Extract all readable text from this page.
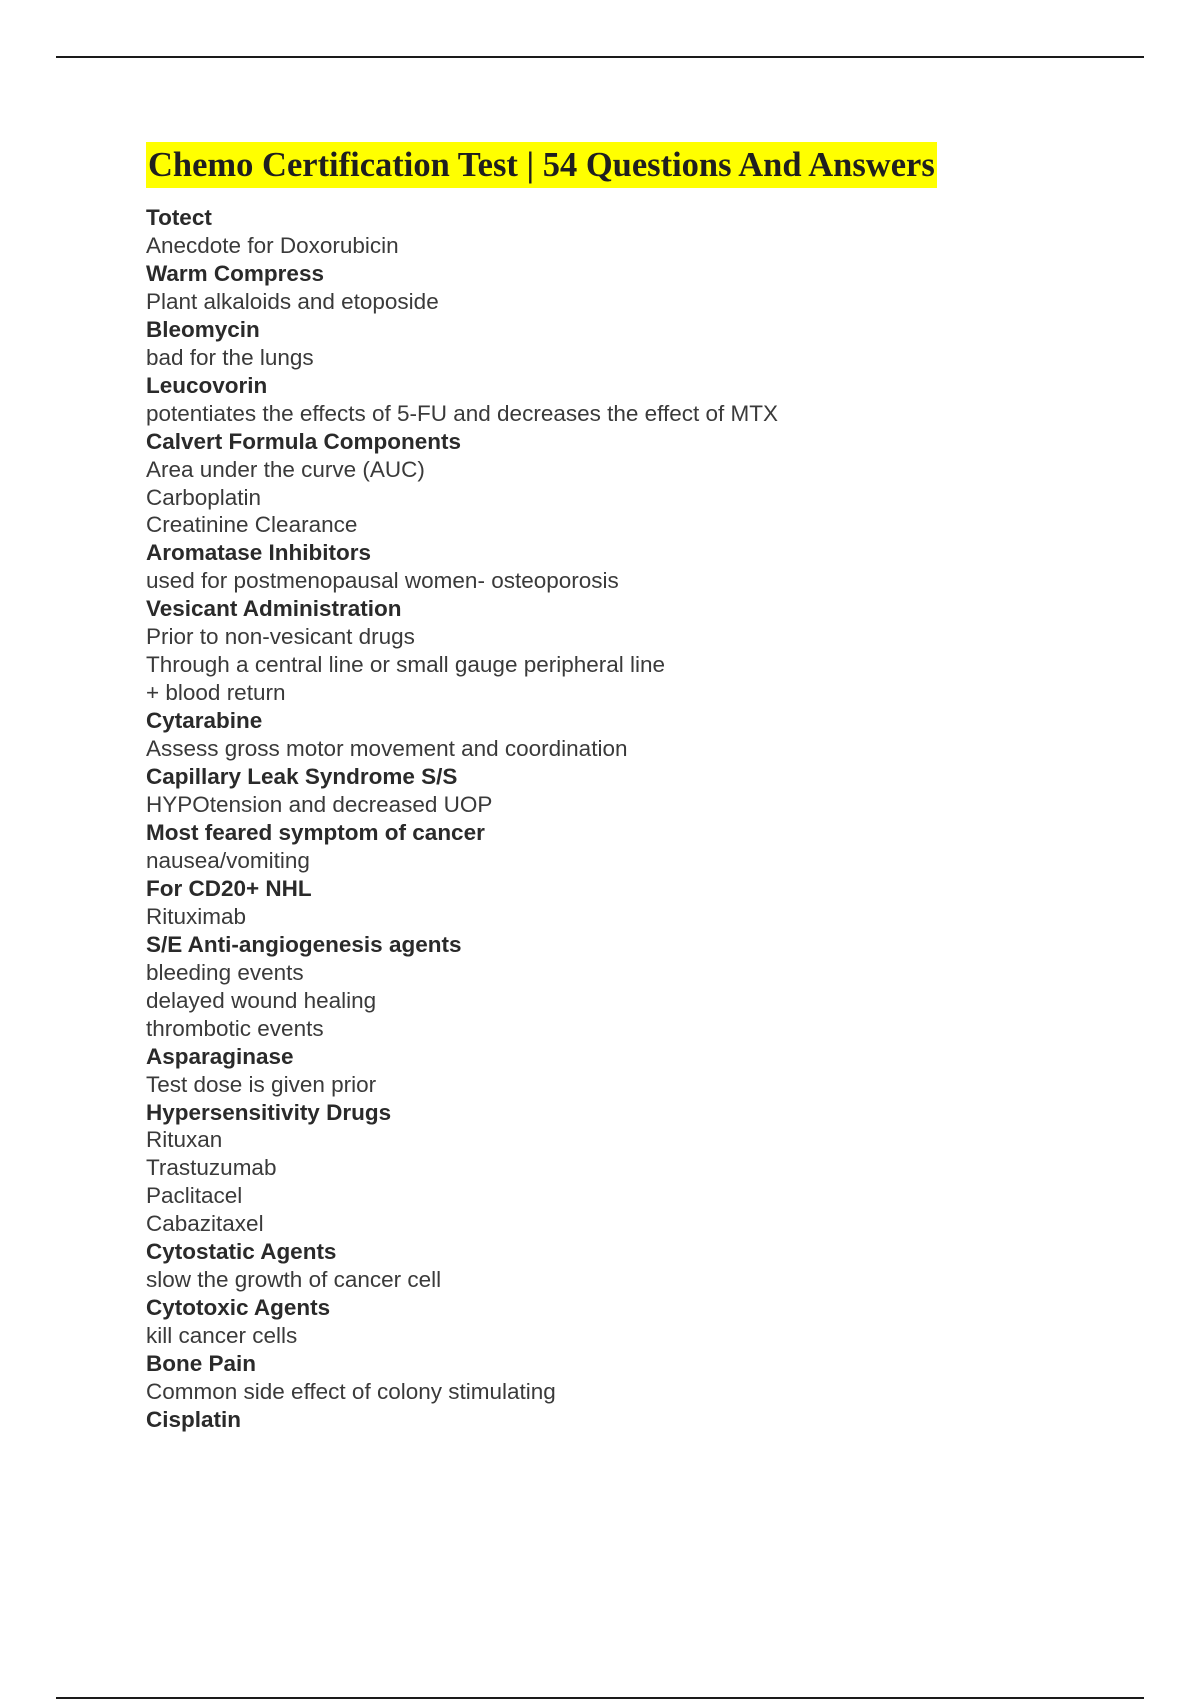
Chemo Certification Test | 54 Questions And Answers
Totect
Anecdote for Doxorubicin
Warm Compress
Plant alkaloids and etoposide
Bleomycin
bad for the lungs
Leucovorin
potentiates the effects of 5-FU and decreases the effect of MTX
Calvert Formula Components
Area under the curve (AUC)
Carboplatin
Creatinine Clearance
Aromatase Inhibitors
used for postmenopausal women- osteoporosis
Vesicant Administration
Prior to non-vesicant drugs
Through a central line or small gauge peripheral line
+ blood return
Cytarabine
Assess gross motor movement and coordination
Capillary Leak Syndrome S/S
HYPOtension and decreased UOP
Most feared symptom of cancer
nausea/vomiting
For CD20+ NHL
Rituximab
S/E Anti-angiogenesis agents
bleeding events
delayed wound healing
thrombotic events
Asparaginase
Test dose is given prior
Hypersensitivity Drugs
Rituxan
Trastuzumab
Paclitacel
Cabazitaxel
Cytostatic Agents
slow the growth of cancer cell
Cytotoxic Agents
kill cancer cells
Bone Pain
Common side effect of colony stimulating
Cisplatin
